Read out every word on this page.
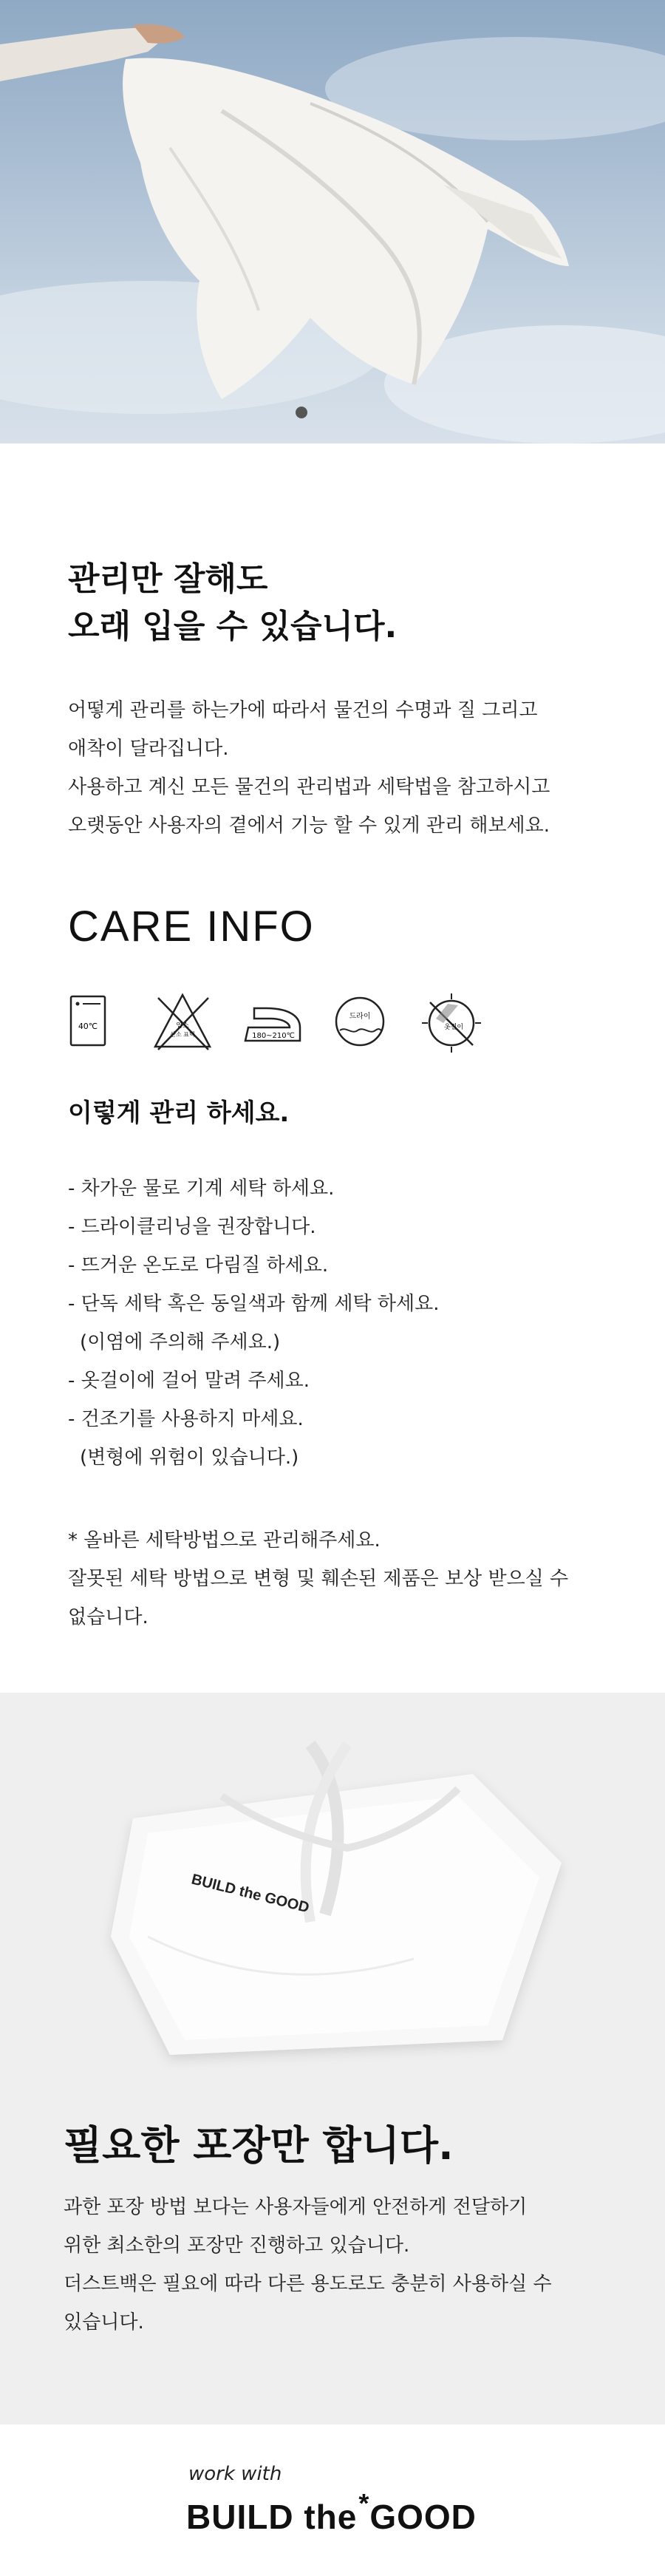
관리만 잘해도
오래 입을 수 있습니다.
어떻게 관리를 하는가에 따라서 물건의 수명과 질 그리고
애착이 달라집니다.
사용하고 계신 모든 물건의 관리법과 세탁법을 참고하시고
오랫동안 사용자의 곁에서 기능 할 수 있게 관리 해보세요.
CARE INFO
40℃	염소
산소 표백	180~210℃
드라이
옷걸이
이렇게 관리 하세요.
- 차가운 물로 기계 세탁 하세요.
- 드라이클리닝을 권장합니다.
- 뜨거운 온도로 다림질 하세요.
- 단독 세탁 혹은 동일색과 함께 세탁 하세요.
(이염에 주의해 주세요.)
- 옷걸이에 걸어 말려 주세요.
- 건조기를 사용하지 마세요.
(변형에 위험이 있습니다.)
* 올바른 세탁방법으로 관리해주세요.
잘못된 세탁 방법으로 변형 및 훼손된 제품은 보상 받으실 수
없습니다.
BUILD the GOOD
필요한 포장만 합니다.
과한 포장 방법 보다는 사용자들에게 안전하게 전달하기
위한 최소한의 포장만 진행하고 있습니다.
더스트백은 필요에 따라 다른 용도로도 충분히 사용하실 수
있습니다.
work with
BUILD the*GOOD
